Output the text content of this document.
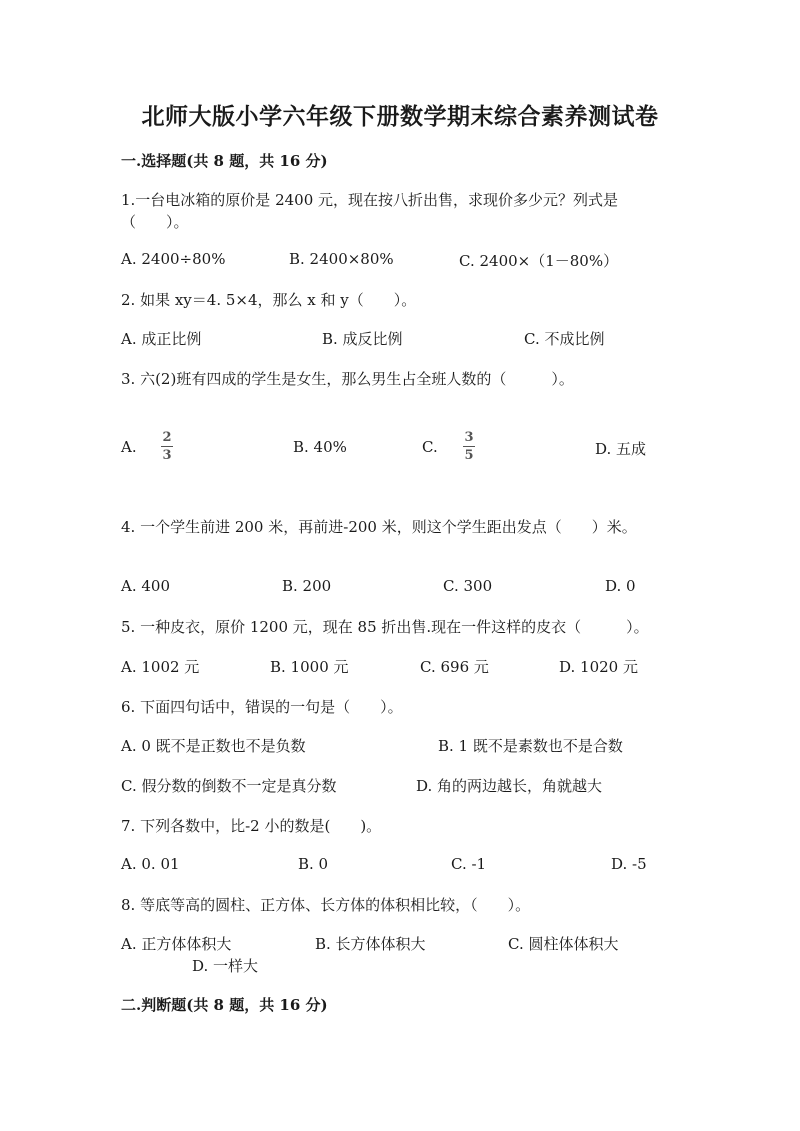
北师大版小学六年级下册数学期末综合素养测试卷
一.选择题(共 8 题，共 16 分)
1.一台电冰箱的原价是 2400 元，现在按八折出售，求现价多少元？列式是
（　　）。
A. 2400÷80%	B. 2400×80%	C. 2400×（1－80%）
2. 如果 xy＝4. 5×4，那么 x 和 y（　　）。
A. 成正比例	B. 成反比例	C. 不成比例
3. 六(2)班有四成的学生是女生，那么男生占全班人数的（　　　）。
A.
2
3	B. 40%	C.
3
5	D. 五成
4. 一个学生前进 200 米，再前进-200 米，则这个学生距出发点（　　）米。
A. 400	B. 200	C. 300	D. 0
5. 一种皮衣，原价 1200 元，现在 85 折出售.现在一件这样的皮衣（　　　）。
A. 1002 元	B. 1000 元	C. 696 元	D. 1020 元
6. 下面四句话中，错误的一句是（　　）。
A. 0 既不是正数也不是负数	B. 1 既不是素数也不是合数
C. 假分数的倒数不一定是真分数	D. 角的两边越长，角就越大
7. 下列各数中，比-2 小的数是(　　)。
A. 0. 01	B. 0	C. -1	D. -5
8. 等底等高的圆柱、正方体、长方体的体积相比较，（　　）。
A. 正方体体积大	B. 长方体体积大	C. 圆柱体体积大
D. 一样大
二.判断题(共 8 题，共 16 分)
